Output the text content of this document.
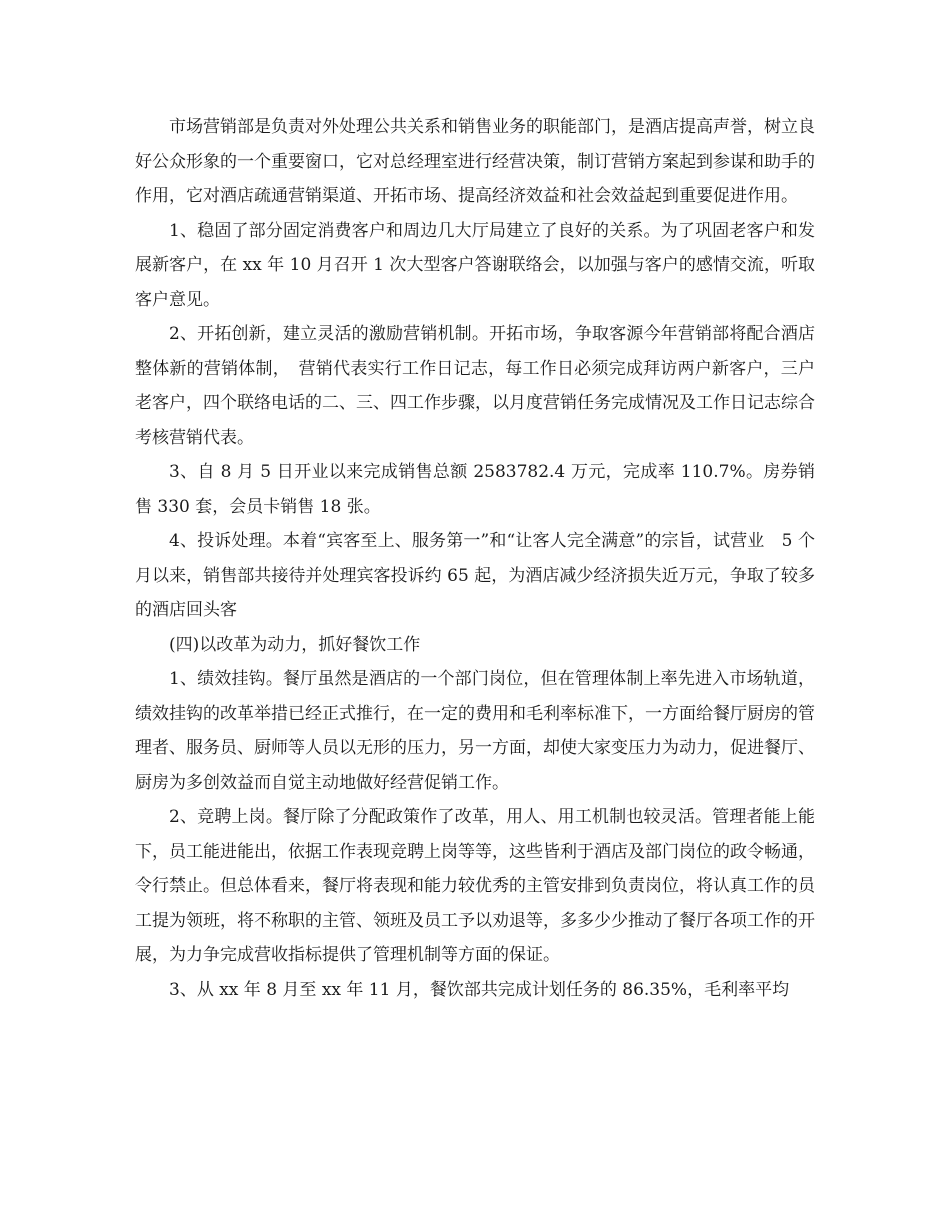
市场营销部是负责对外处理公共关系和销售业务的职能部门，是酒店提高声誉，树立良好公众形象的一个重要窗口，它对总经理室进行经营决策，制订营销方案起到参谋和助手的作用，它对酒店疏通营销渠道、开拓市场、提高经济效益和社会效益起到重要促进作用。

1、稳固了部分固定消费客户和周边几大厅局建立了良好的关系。为了巩固老客户和发展新客户，在 xx 年 10 月召开 1 次大型客户答谢联络会，以加强与客户的感情交流，听取客户意见。

2、开拓创新，建立灵活的激励营销机制。开拓市场，争取客源今年营销部将配合酒店整体新的营销体制，　营销代表实行工作日记志，每工作日必须完成拜访两户新客户，三户老客户，四个联络电话的二、三、四工作步骤，以月度营销任务完成情况及工作日记志综合考核营销代表。

3、自 8 月 5 日开业以来完成销售总额 2583782.4 万元，完成率 110.7%。房券销售 330 套，会员卡销售 18 张。

4、投诉处理。本着“宾客至上、服务第一”和“让客人完全满意”的宗旨，试营业　5 个月以来，销售部共接待并处理宾客投诉约 65 起，为酒店减少经济损失近万元，争取了较多的酒店回头客

(四)以改革为动力，抓好餐饮工作

1、绩效挂钩。餐厅虽然是酒店的一个部门岗位，但在管理体制上率先进入市场轨道，绩效挂钩的改革举措已经正式推行，在一定的费用和毛利率标准下，一方面给餐厅厨房的管理者、服务员、厨师等人员以无形的压力，另一方面，却使大家变压力为动力，促进餐厅、厨房为多创效益而自觉主动地做好经营促销工作。

2、竞聘上岗。餐厅除了分配政策作了改革，用人、用工机制也较灵活。管理者能上能下，员工能进能出，依据工作表现竞聘上岗等等，这些皆利于酒店及部门岗位的政令畅通，令行禁止。但总体看来，餐厅将表现和能力较优秀的主管安排到负责岗位，将认真工作的员工提为领班，将不称职的主管、领班及员工予以劝退等，多多少少推动了餐厅各项工作的开展，为力争完成营收指标提供了管理机制等方面的保证。

3、从 xx 年 8 月至 xx 年 11 月，餐饮部共完成计划任务的 86.35%，毛利率平均
